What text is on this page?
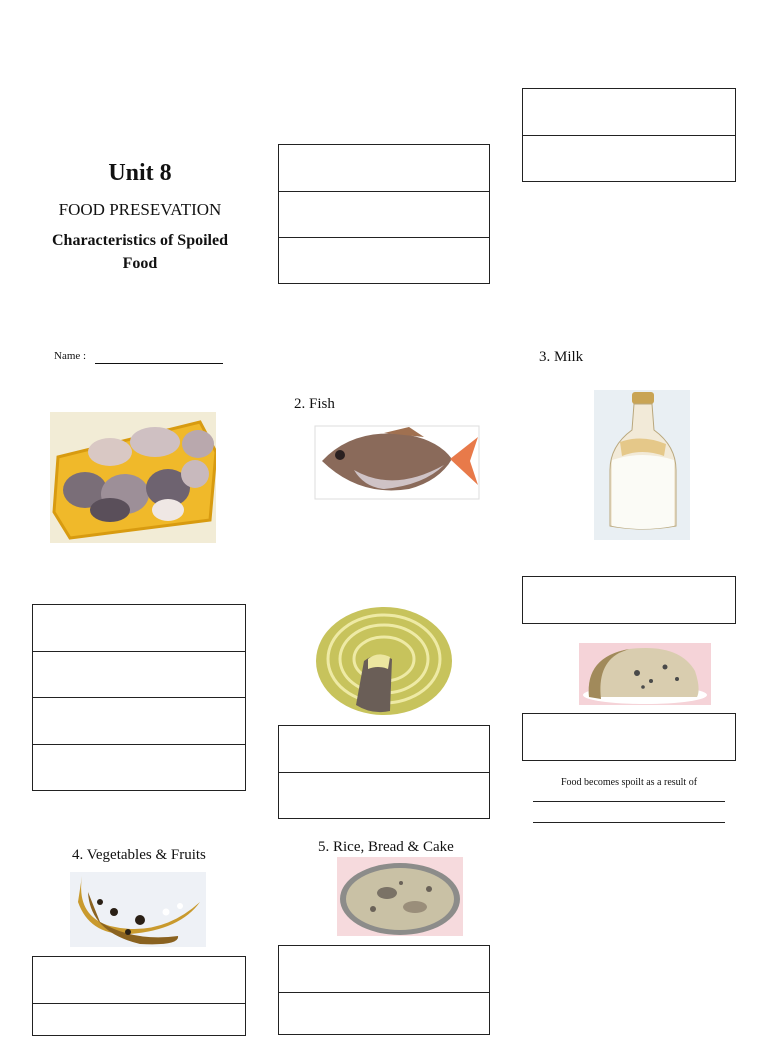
Unit 8
FOOD PRESEVATION
Characteristics of Spoiled Food
Name :
2. Fish
3. Milk
4. Vegetables & Fruits	5. Rice, Bread & Cake
Food becomes spoilt as a result of
